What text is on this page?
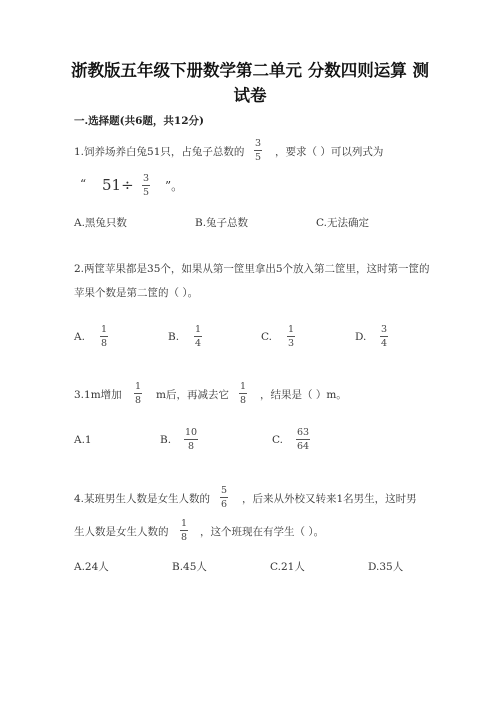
浙教版五年级下册数学第二单元 分数四则运算 测
试卷
一.选择题(共6题，共12分)
1.饲养场养白兔51只，占兔子总数的
3
5 ，要求（ ）可以列式为
“ 51÷ 3
5 ”。
A.黑兔只数	B.兔子总数	C.无法确定
2.两筐苹果都是35个，如果从第一筐里拿出5个放入第二筐里，这时第一筐的
苹果个数是第二筐的（ ）。
A.
1
8
B.
1
4
C.
1
3
D.
3
4
3.1m增加
1
8 m后，再减去它
1
8 ，结果是（ ）m。
A.1	B.
10
8
C.
63
64
4.某班男生人数是女生人数的
5
6 ，后来从外校又转来1名男生，这时男
生人数是女生人数的
1
8 ，这个班现在有学生（ ）。
A.24人	B.45人	C.21人	D.35人
